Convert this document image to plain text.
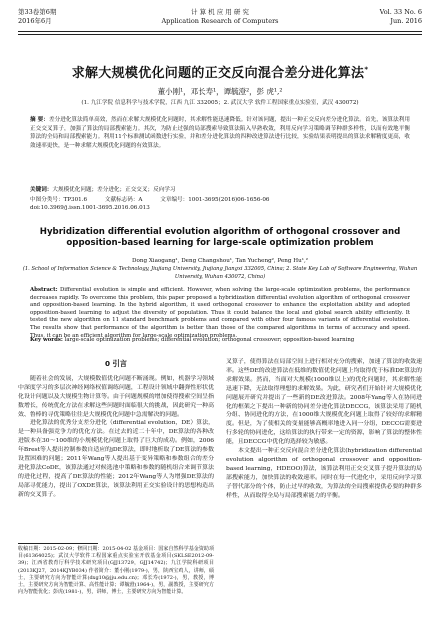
第33卷第6期
2016年6月
计 算 机 应 用 研 究
Application Research of Computers
Vol. 33 No. 6
Jun. 2016
求解大规模优化问题的正交反向混合差分进化算法*
董小刚¹，邓长寿¹，谭毓澄²，彭 虎¹,²
(1. 九江学院 信息科学与技术学院，江西 九江 332005；2. 武汉大学 软件工程国家重点实验室，武汉 430072)
摘 要：差分进化算法简单高效，然而在求解大规模优化问题时，其求解性能迅速降低。针对该问题，提出一种正交反向差分进化算法。首先，该算法利用正交交叉算子，加强了算法的局部搜索能力。其次，为防止过强的局部搜索导致算法陷入早熟收敛，利用反向学习策略调节种群多样性，以而有效地平衡算法的全局和局部搜索能力。利用11个标准测试函数进行实验，并和差分进化算法的四种改进算法进行比较，实验结果表明提出的算法求解精度更高，收敛速率更快，是一种求解大规模优化问题的有效算法。
关键词：大规模优化问题；差分进化；正交交叉；反向学习
中图分类号：TP301.6	文献标志码：A	文章编号：1001-3695(2016)06-1656-06
doi:10.3969/j.issn.1001-3695.2016.06.013
Hybridization differential evolution algorithm of orthogonal crossover and opposition-based learning for large-scale optimization problem
Dong Xiaogang¹, Deng Changshou¹, Tan Yucheng², Peng Hu¹,²
(1. School of Information Science & Technology, Jiujiang University, Jiujiang Jiangxi 332005, China; 2. State Key Lab of Software Engineering, Wuhan University, Wuhan 430072, China)
Abstract: Differential evolution is simple and efficient. However, when solving the large-scale optimization problems, the performance decreases rapidly. To overcome this problem, this paper proposed a hybridization differential evolution algorithm of orthogonal crossover and opposition-based learning. In the hybrid algorithm, it used orthogonal crossover to enhance the exploitation ability and adopted opposition-based learning to adjust the diversity of population. Thus it could balance the local and global search ability efficiently. It tested the new algorithm on 11 standard benchmark problems and compared with other four famous variants of differential evolution. The results show that performance of the algorithm is better than those of the compared algorithms in terms of accuracy and speed. Thus, it can be an efficient algorithm for large-scale optimization problems.
Key words: large-scale optimization problems; differential evolution; orthogonal crossover; opposition-based learning
0 引言

随着社会的发展，大规模数值优化问题不断涌现。例如，机器学习领域中深度学习的多层次神经网络权值调练问题，工程设计领域中翻弹性形状优化设计问题以及大规模生物计算等。由于问题规模的增加使得搜索空间呈指数增长，传统优化方法在求解这些问题时面临很大的挑战，因此研究一种高效、鲁棒的寻优策略往往是大规模优化问题中急需解决的问题。

进化算法的优秀分支差分进化（differential evolution，DE）算法，是一种具备强竞争力的优化方法。在过去的近二十年中，DE算法的各种改进版本在30～100维的小规模优化问题上取得了巨大的成功。例如，2006年Brest等人提出控制参数自适应的jDE算法，即时地析取了DE算法的参数设置困难的问题；2011年Wang等人提出基于变异策略和参数组合的差分进化算法CoDE，该算法通过对候选池中策略和参数的随机组合来调节算法的进化过程，提高了DE算法的性能；2012年Wang等人为增强DE算法的局部寻优能力，提出了OXDE算法，该算法利用正交实验设计的思想构造出新的交叉算子。

叉算子，使得算法在局部空间上进行相对充分的搜索，加速了算法的收敛速率。这些DE的改进算法在低维的数值优化问题上均取得优于标准DE算法的求解效果。然而，当面对大规模(1000维以上)的优化问题时，其求解性能迅速下降，无法取得理想的求解效果。为此，研究者们开始针对大规模优化问题展开研究并提出了一些新的DE改进算法。2008年Yang等人在协同进化的框架之下提出一种新的协同差分进化算法DECCG，该算法采用了随机分组、协同进化的方法，在1000维大规模优化问题上取得了较好的求解精度。但是，为了使相关的变量能够高概率地进入同一分组，DECCG需要进行多轮的协同进化，这给算法的执行带来一定的资源，影响了算法的整体性能，且DECCG中优化的选择较为敏感。

本文提出一种正交反向混合差分进化算法(hybridization differential evolution algorithm of orthogonal crossover and opposition-based learning，HDEOO)算法，该算法利用正交交叉算子提升算法的局部搜索能力，加快算法的收敛速率。同时在每一代进化中，采用反向学习算子替代部分的个体，防止过早的收敛，为算法的全局搜索提供必要的种群多样性，从而取得全局与局部搜索能力的平衡。

收稿日期：2015-02-09；修回日期：2015-04-02 基金项目：国家自然科学基金资助项目(61364025)；武汉大学软件工程国家重点实验室开放基金项目(SKLSE2012-09-39)；江西省教育厅科学技术研究项目(GJJ13729，GJJ14742)；九江学院科研项目(2013KJ27，2014KJYB034) 作者简介：董小刚(1979-)，男，陕西宝鸡人，讲师，硕士，主要研究方向为智能计算(dxg10@jju.edu.cn)；邓长寿(1972-)，男，教授，博士，主要研究方向为智能计算、高性能计算；谭毓澄(1964-)，男，副教授，主要研究方向为智能优化；彭虎(1981-)，男，讲师，博士，主要研究方向为智能计算。
